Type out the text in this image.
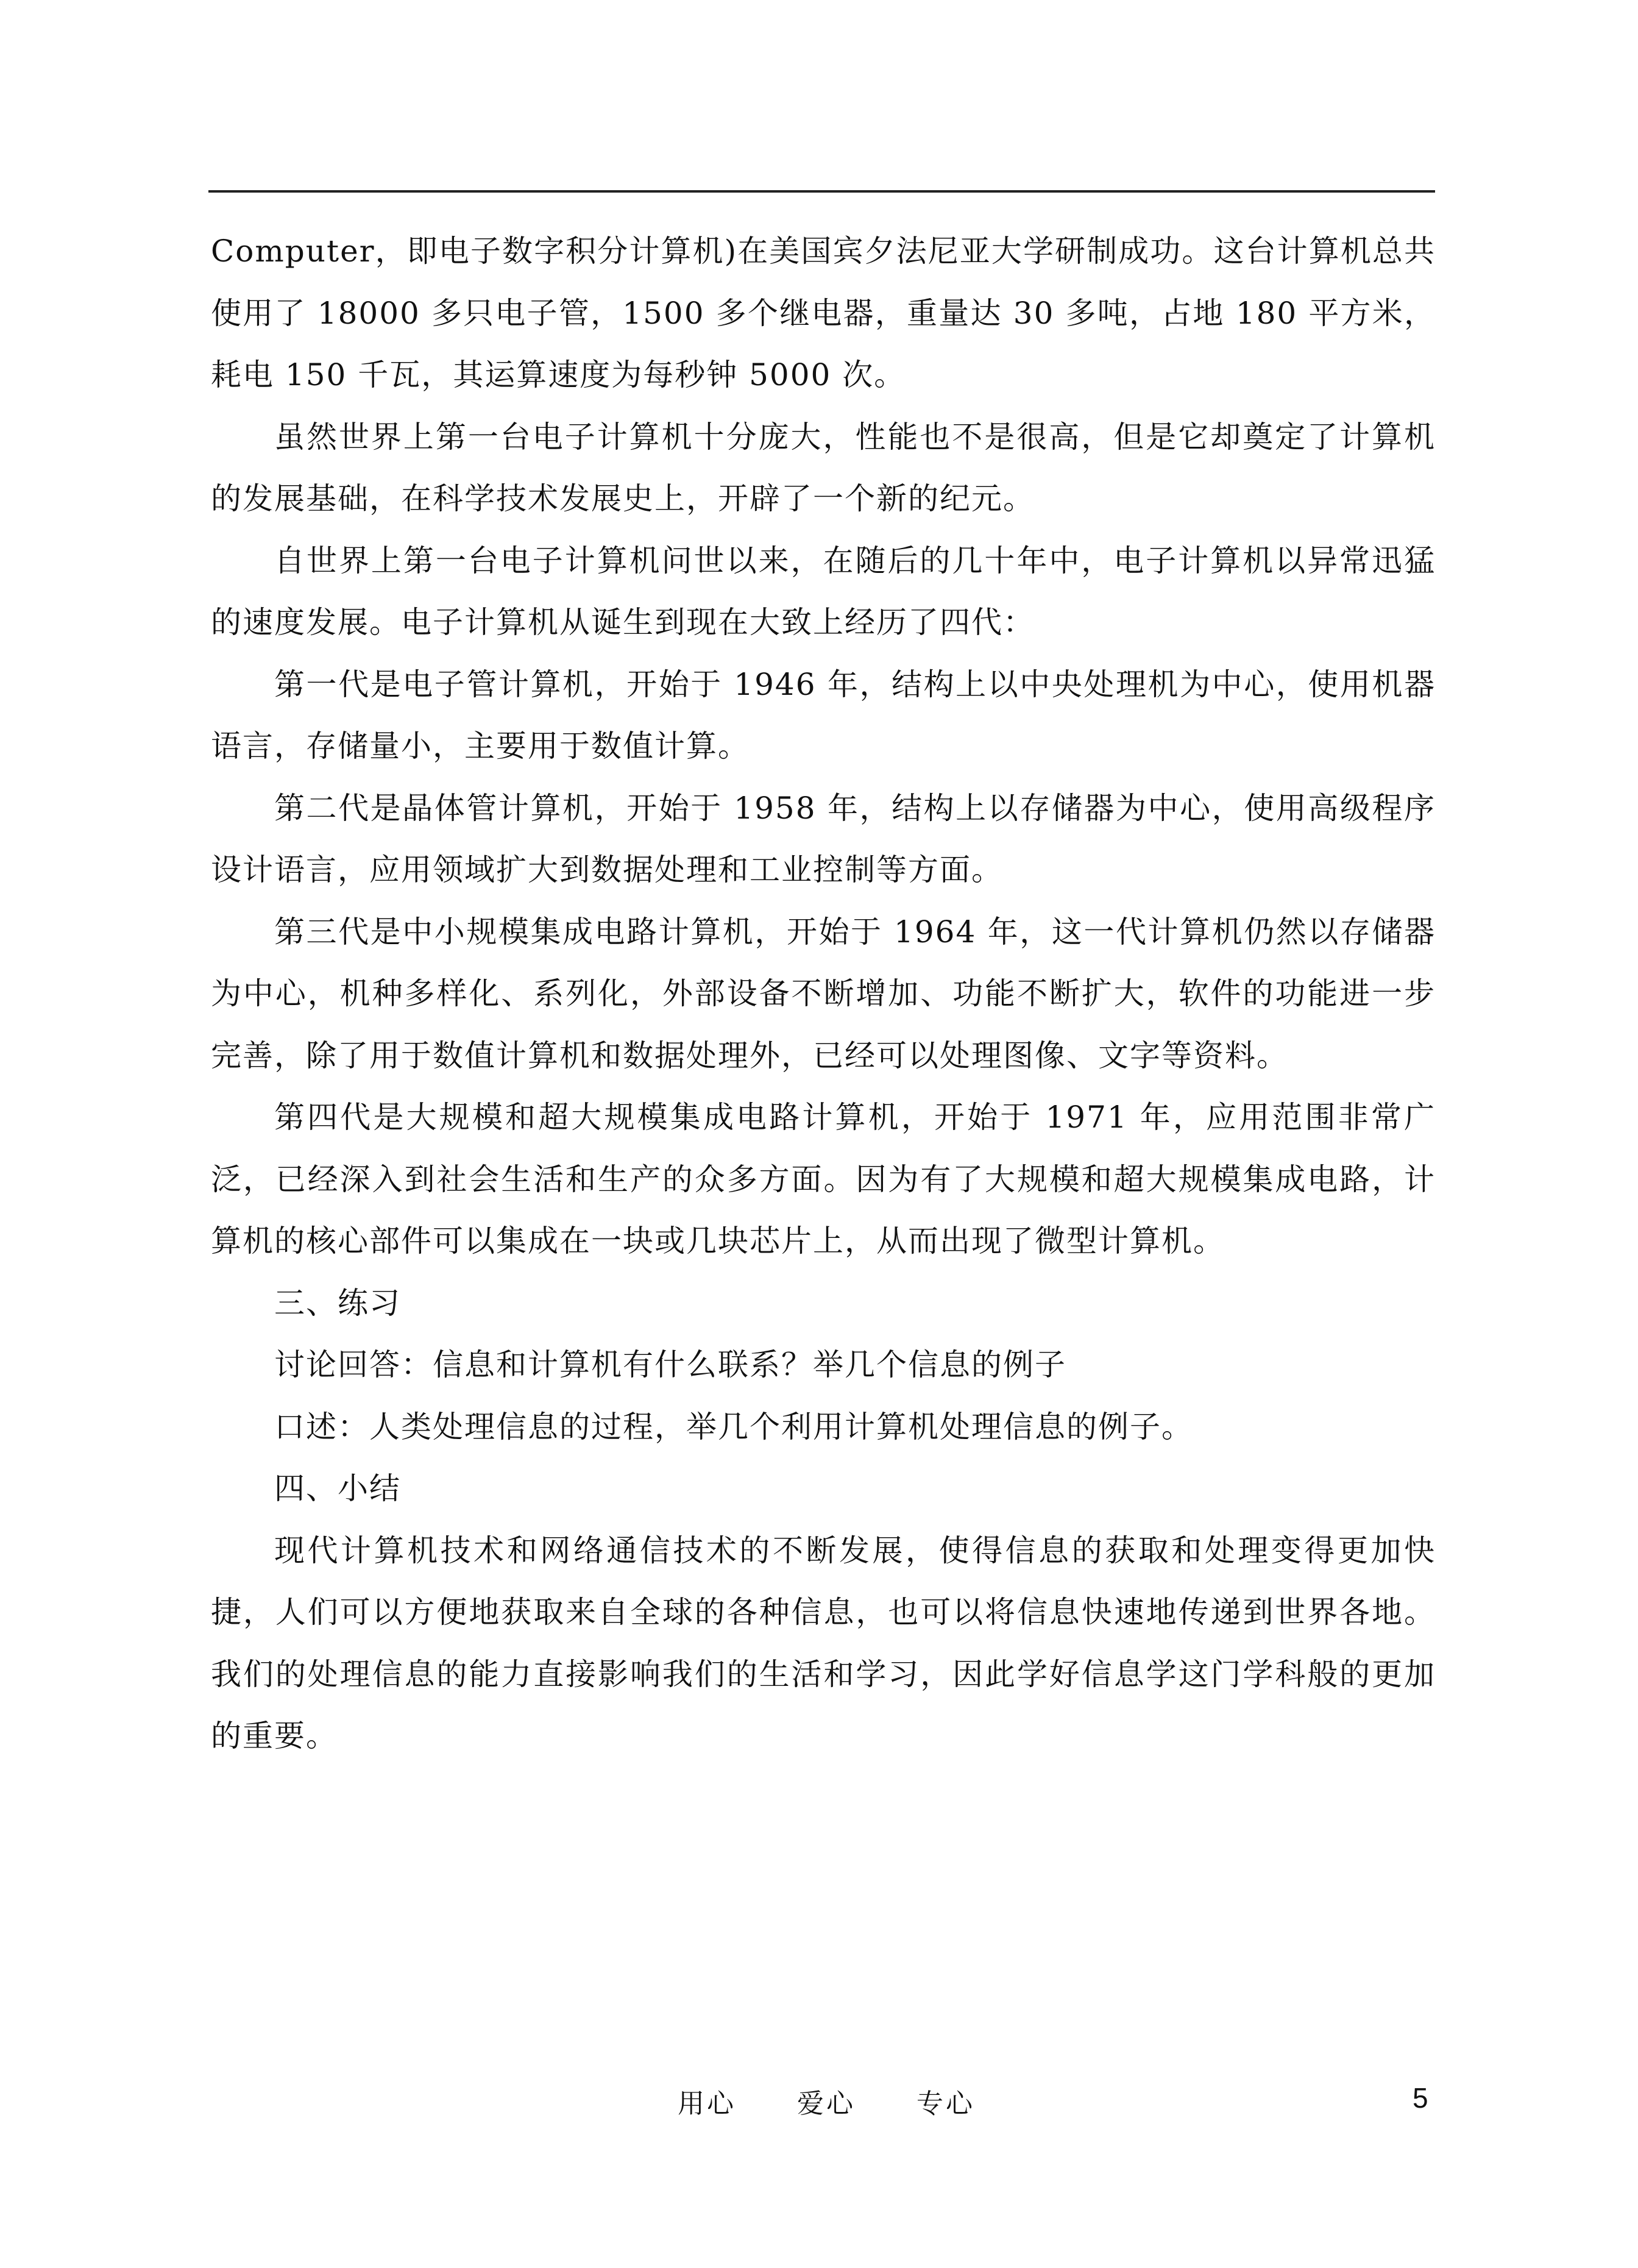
Computer，即电子数字积分计算机)在美国宾夕法尼亚大学研制成功。这台计算机总共使用了 18000 多只电子管，1500 多个继电器，重量达 30 多吨，占地 180 平方米，耗电 150 千瓦，其运算速度为每秒钟 5000 次。

虽然世界上第一台电子计算机十分庞大，性能也不是很高，但是它却奠定了计算机的发展基础，在科学技术发展史上，开辟了一个新的纪元。

自世界上第一台电子计算机问世以来，在随后的几十年中，电子计算机以异常迅猛的速度发展。电子计算机从诞生到现在大致上经历了四代：

第一代是电子管计算机，开始于 1946 年，结构上以中央处理机为中心，使用机器语言，存储量小，主要用于数值计算。

第二代是晶体管计算机，开始于 1958 年，结构上以存储器为中心，使用高级程序设计语言，应用领域扩大到数据处理和工业控制等方面。

第三代是中小规模集成电路计算机，开始于 1964 年，这一代计算机仍然以存储器为中心，机种多样化、系列化，外部设备不断增加、功能不断扩大，软件的功能进一步完善，除了用于数值计算机和数据处理外，已经可以处理图像、文字等资料。

第四代是大规模和超大规模集成电路计算机，开始于 1971 年，应用范围非常广泛，已经深入到社会生活和生产的众多方面。因为有了大规模和超大规模集成电路，计算机的核心部件可以集成在一块或几块芯片上，从而出现了微型计算机。

三、练习

讨论回答：信息和计算机有什么联系？举几个信息的例子

口述：人类处理信息的过程，举几个利用计算机处理信息的例子。

四、小结

现代计算机技术和网络通信技术的不断发展，使得信息的获取和处理变得更加快捷，人们可以方便地获取来自全球的各种信息，也可以将信息快速地传递到世界各地。我们的处理信息的能力直接影响我们的生活和学习，因此学好信息学这门学科般的更加的重要。

用心 爱心 专心	5
